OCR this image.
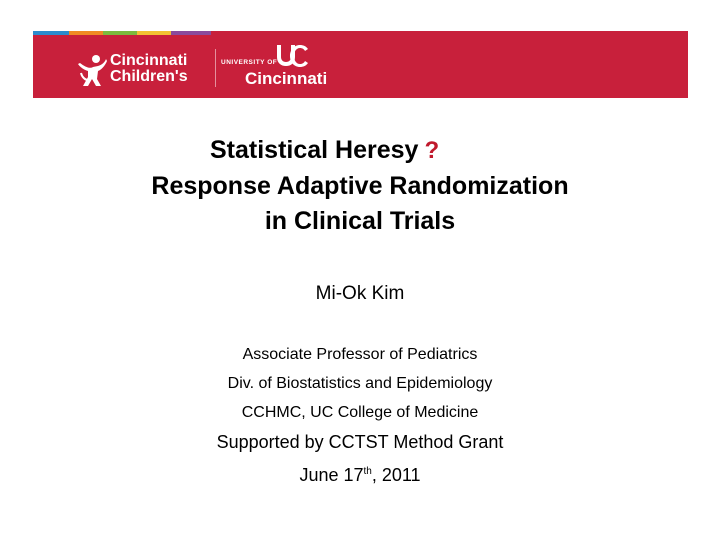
Cincinnati
Children's
UNIVERSITY OF
Cincinnati
Statistical Heresy ?
Response Adaptive Randomization
in Clinical Trials
Mi-Ok Kim
Associate Professor of Pediatrics
Div. of Biostatistics and Epidemiology
CCHMC, UC College of Medicine
Supported by CCTST Method Grant
June 17th, 2011
